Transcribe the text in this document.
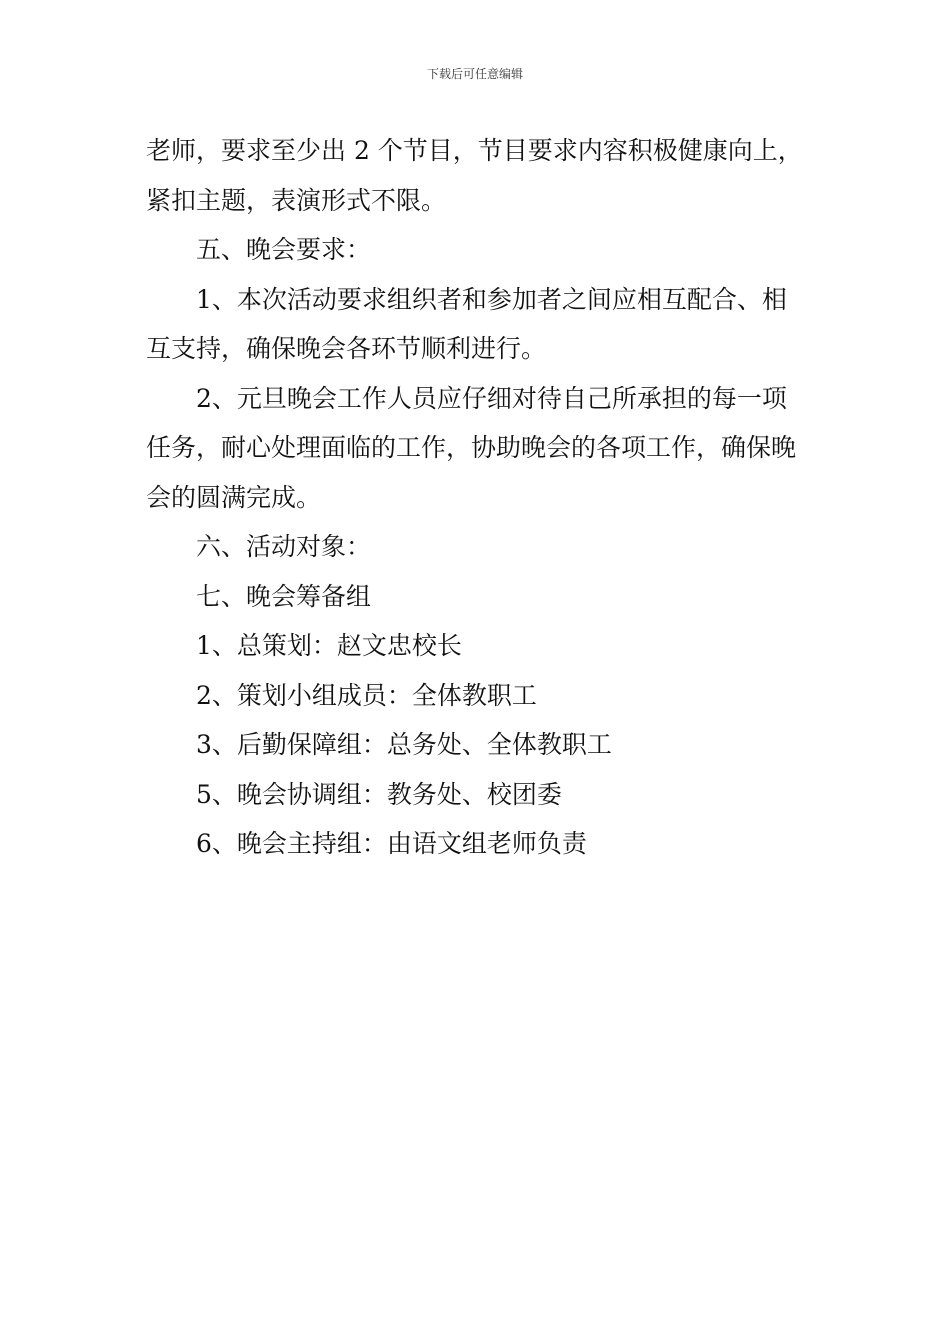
下载后可任意编辑

老师，要求至少出 2 个节目，节目要求内容积极健康向上，紧扣主题，表演形式不限。

五、晚会要求：

1、本次活动要求组织者和参加者之间应相互配合、相互支持，确保晚会各环节顺利进行。

2、元旦晚会工作人员应仔细对待自己所承担的每一项任务，耐心处理面临的工作，协助晚会的各项工作，确保晚会的圆满完成。

六、活动对象：

七、晚会筹备组

1、总策划：赵文忠校长

2、策划小组成员：全体教职工

3、后勤保障组：总务处、全体教职工

5、晚会协调组：教务处、校团委

6、晚会主持组：由语文组老师负责
